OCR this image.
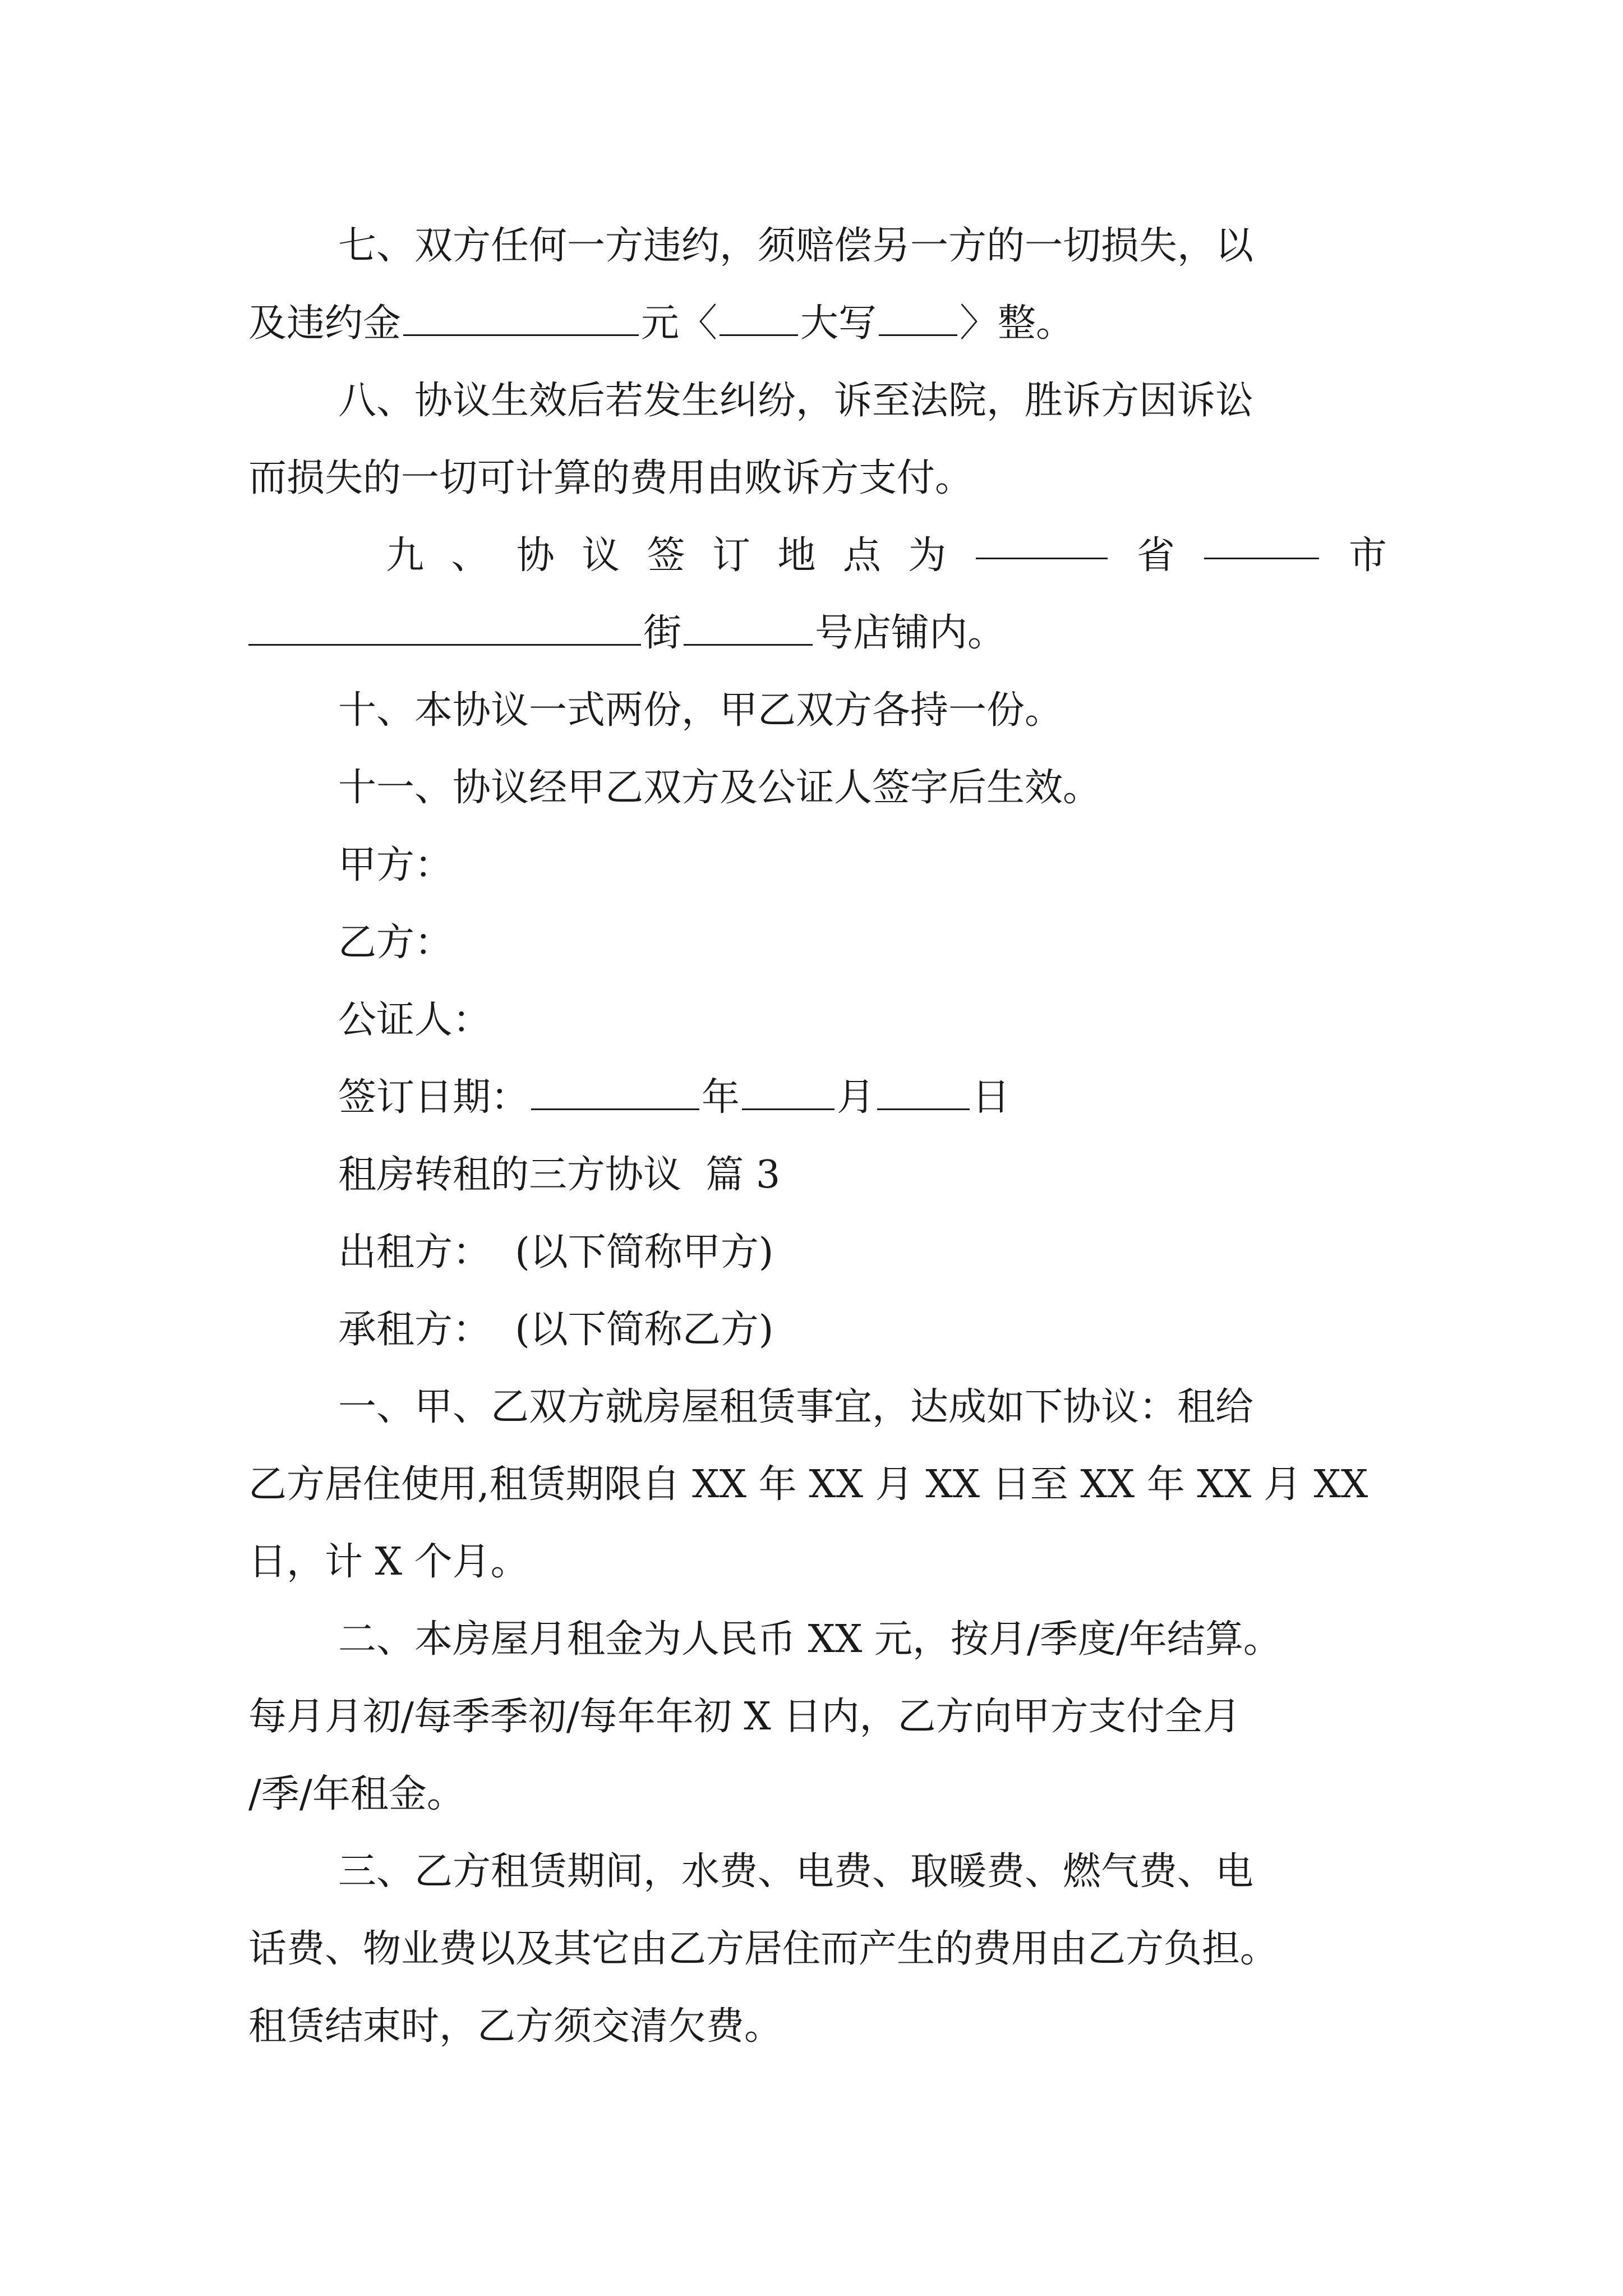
七、双方任何一方违约，须赔偿另一方的一切损失，以
及违约金	元〈 大写 〉整。
八、协议生效后若发生纠纷，诉至法院，胜诉方因诉讼
而损失的一切可计算的费用由败诉方支付。
九 、 协 议 签 订 地 点 为	省	市
街	号店铺内。
十、本协议一式两份，甲乙双方各持一份。
十一、协议经甲乙双方及公证人签字后生效。
甲方：
乙方：
公证人：
签订日期：	年	月	日
租房转租的三方协议  篇 3
出租方：  (以下简称甲方)
承租方：  (以下简称乙方)
一、甲、乙双方就房屋租赁事宜，达成如下协议：租给
乙方居住使用,租赁期限自 XX 年 XX 月 XX 日至 XX 年 XX 月 XX
日，计 X 个月。
二、本房屋月租金为人民币 XX 元，按月/季度/年结算。
每月月初/每季季初/每年年初 X 日内，乙方向甲方支付全月
/季/年租金。
三、乙方租赁期间，水费、电费、取暖费、燃气费、电
话费、物业费以及其它由乙方居住而产生的费用由乙方负担。
租赁结束时，乙方须交清欠费。
